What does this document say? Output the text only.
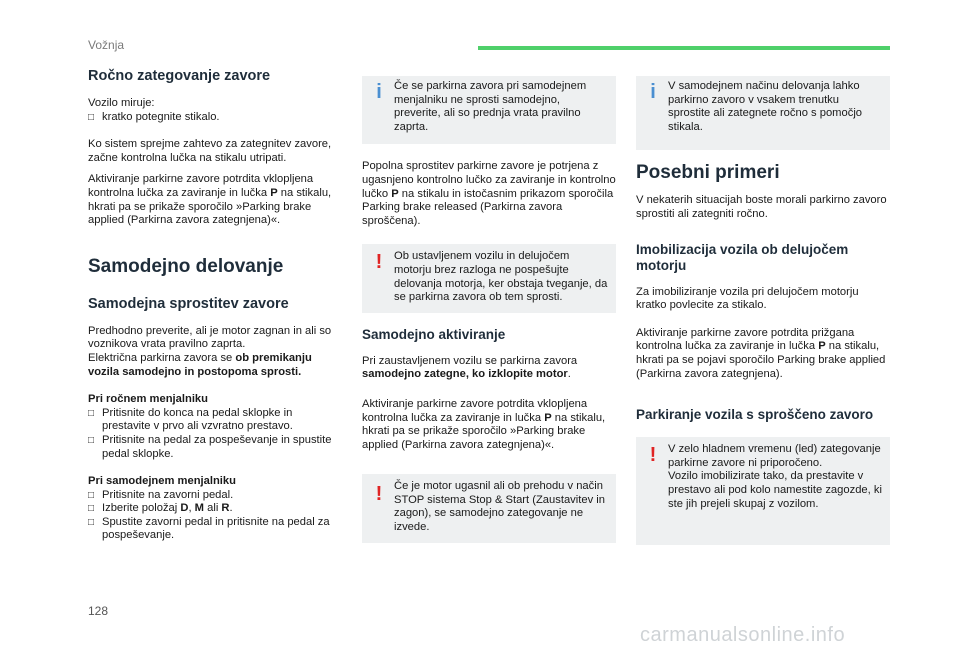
Vožnja
Ročno zategovanje zavore

Vozilo miruje:

□ kratko potegnite stikalo.

Ko sistem sprejme zahtevo za zategnitev zavore, začne kontrolna lučka na stikalu utripati.

Aktiviranje parkirne zavore potrdita vklopljena kontrolna lučka za zaviranje in lučka P na stikalu, hkrati pa se prikaže sporočilo »Parking brake applied (Parkirna zavora zategnjena)«.

Samodejno delovanje
Samodejna sprostitev zavore

Predhodno preverite, ali je motor zagnan in ali so voznikova vrata pravilno zaprta.

Električna parkirna zavora se ob premikanju vozila samodejno in postopoma sprosti.

Pri ročnem menjalniku

□ Pritisnite do konca na pedal sklopke in prestavite v prvo ali vzvratno prestavo.

□ Pritisnite na pedal za pospeševanje in spustite pedal sklopke.

Pri samodejnem menjalniku

□ Pritisnite na zavorni pedal.

□ Izberite položaj D, M ali R.

□ Spustite zavorni pedal in pritisnite na pedal za pospeševanje.

i	Če se parkirna zavora pri samodejnem menjalniku ne sprosti samodejno, preverite, ali so prednja vrata pravilno zaprta.

Popolna sprostitev parkirne zavore je potrjena z ugasnjeno kontrolno lučko za zaviranje in kontrolno lučko P na stikalu in istočasnim prikazom sporočila Parking brake released (Parkirna zavora sproščena).

!	Ob ustavljenem vozilu in delujočem motorju brez razloga ne pospešujte delovanja motorja, ker obstaja tveganje, da se parkirna zavora ob tem sprosti.

Samodejno aktiviranje

Pri zaustavljenem vozilu se parkirna zavora samodejno zategne, ko izklopite motor.

Aktiviranje parkirne zavore potrdita vklopljena kontrolna lučka za zaviranje in lučka P na stikalu, hkrati pa se prikaže sporočilo »Parking brake applied (Parkirna zavora zategnjena)«.

!	Če je motor ugasnil ali ob prehodu v način STOP sistema Stop & Start (Zaustavitev in zagon), se samodejno zategovanje ne izvede.

i	V samodejnem načinu delovanja lahko parkirno zavoro v vsakem trenutku sprostite ali zategnete ročno s pomočjo stikala.

Posebni primeri

V nekaterih situacijah boste morali parkirno zavoro sprostiti ali zategniti ročno.

Imobilizacija vozila ob delujočem motorju

Za imobiliziranje vozila pri delujočem motorju kratko povlecite za stikalo.

Aktiviranje parkirne zavore potrdita prižgana kontrolna lučka za zaviranje in lučka P na stikalu, hkrati pa se pojavi sporočilo Parking brake applied (Parkirna zavora zategnjena).

Parkiranje vozila s sproščeno zavoro
!	V zelo hladnem vremenu (led) zategovanje parkirne zavore ni priporočeno.

Vozilo imobilizirate tako, da prestavite v prestavo ali pod kolo namestite zagozde, ki ste jih prejeli skupaj z vozilom.

128
carmanualsonline.info
